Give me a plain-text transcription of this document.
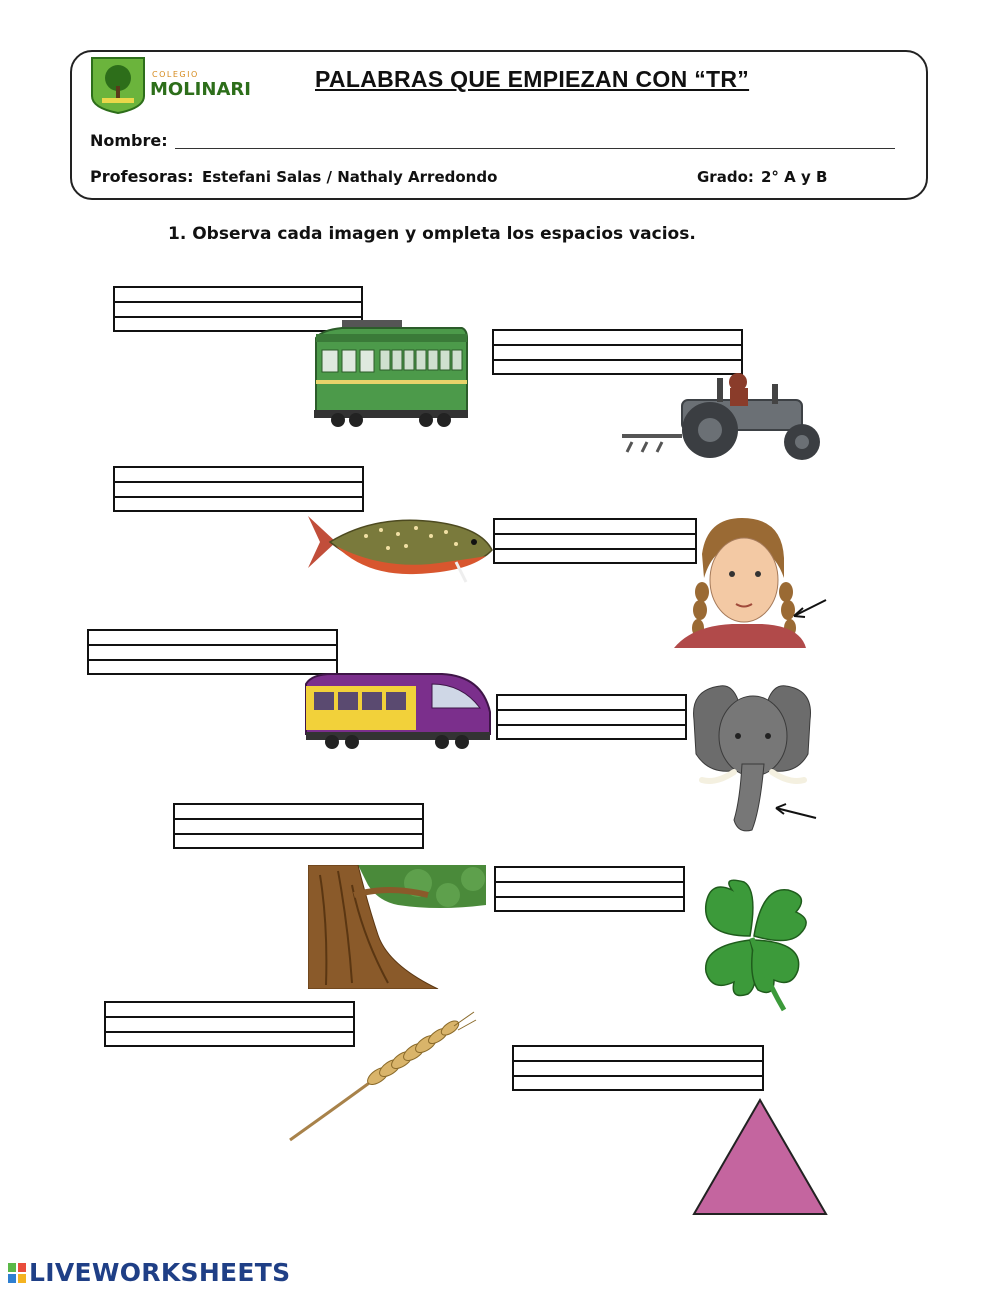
COLEGIO
MOLINARI	PALABRAS QUE EMPIEZAN CON “TR”
Nombre:
Profesoras: Estefani Salas / Nathaly Arredondo	Grado: 2° A y B
1. Observa cada imagen y ompleta los espacios vacios.
LIVEWORKSHEETS
